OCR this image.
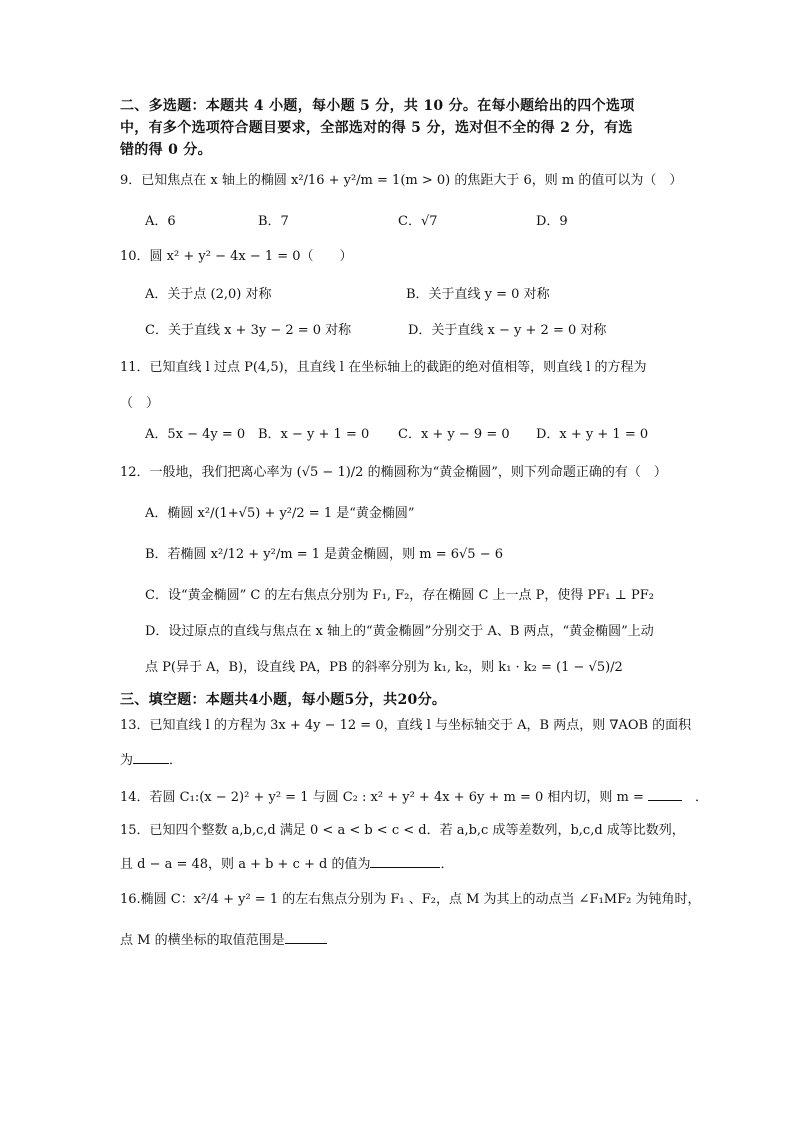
二、多选题：本题共 4 小题，每小题 5 分，共 10 分。在每小题给出的四个选项
中，有多个选项符合题目要求，全部选对的得 5 分，选对但不全的得 2 分，有选
错的得 0 分。
9．已知焦点在 x 轴上的椭圆 x²/16 + y²/m = 1(m > 0) 的焦距大于 6，则 m 的值可以为（　）
A．6	B．7	C．√7	D．9
10．圆 x² + y² − 4x − 1 = 0（　　）
A．关于点 (2,0) 对称	B．关于直线 y = 0 对称
C．关于直线 x + 3y − 2 = 0 对称	D．关于直线 x − y + 2 = 0 对称
11．已知直线 l 过点 P(4,5)，且直线 l 在坐标轴上的截距的绝对值相等，则直线 l 的方程为
（　）
A．5x − 4y = 0 B．x − y + 1 = 0 C．x + y − 9 = 0 D．x + y + 1 = 0
12．一般地，我们把离心率为 (√5 − 1)/2 的椭圆称为“黄金椭圆”，则下列命题正确的有（　）
A．椭圆 x²/(1+√5) + y²/2 = 1 是“黄金椭圆”
B．若椭圆 x²/12 + y²/m = 1 是黄金椭圆，则 m = 6√5 − 6
C．设“黄金椭圆” C 的左右焦点分别为 F₁, F₂，存在椭圆 C 上一点 P，使得 PF₁ ⊥ PF₂
D．设过原点的直线与焦点在 x 轴上的“黄金椭圆”分别交于 A、B 两点，“黄金椭圆”上动
点 P(异于 A，B)，设直线 PA，PB 的斜率分别为 k₁, k₂，则 k₁ · k₂ = (1 − √5)/2
三、填空题：本题共4小题，每小题5分，共20分。
13．已知直线 l 的方程为 3x + 4y − 12 = 0，直线 l 与坐标轴交于 A，B 两点，则 ∇AOB 的面积
为	．
14．若圆 C₁:(x − 2)² + y² = 1 与圆 C₂ : x² + y² + 4x + 6y + m = 0 相内切，则 m = 　	．
15．已知四个整数 a,b,c,d 满足 0 < a < b < c < d．若 a,b,c 成等差数列，b,c,d 成等比数列，
且 d − a = 48，则 a + b + c + d 的值为	．
16.椭圆 C：x²/4 + y² = 1 的左右焦点分别为 F₁ 、F₂，点 M 为其上的动点当 ∠F₁MF₂ 为钝角时，
点 M 的横坐标的取值范围是
